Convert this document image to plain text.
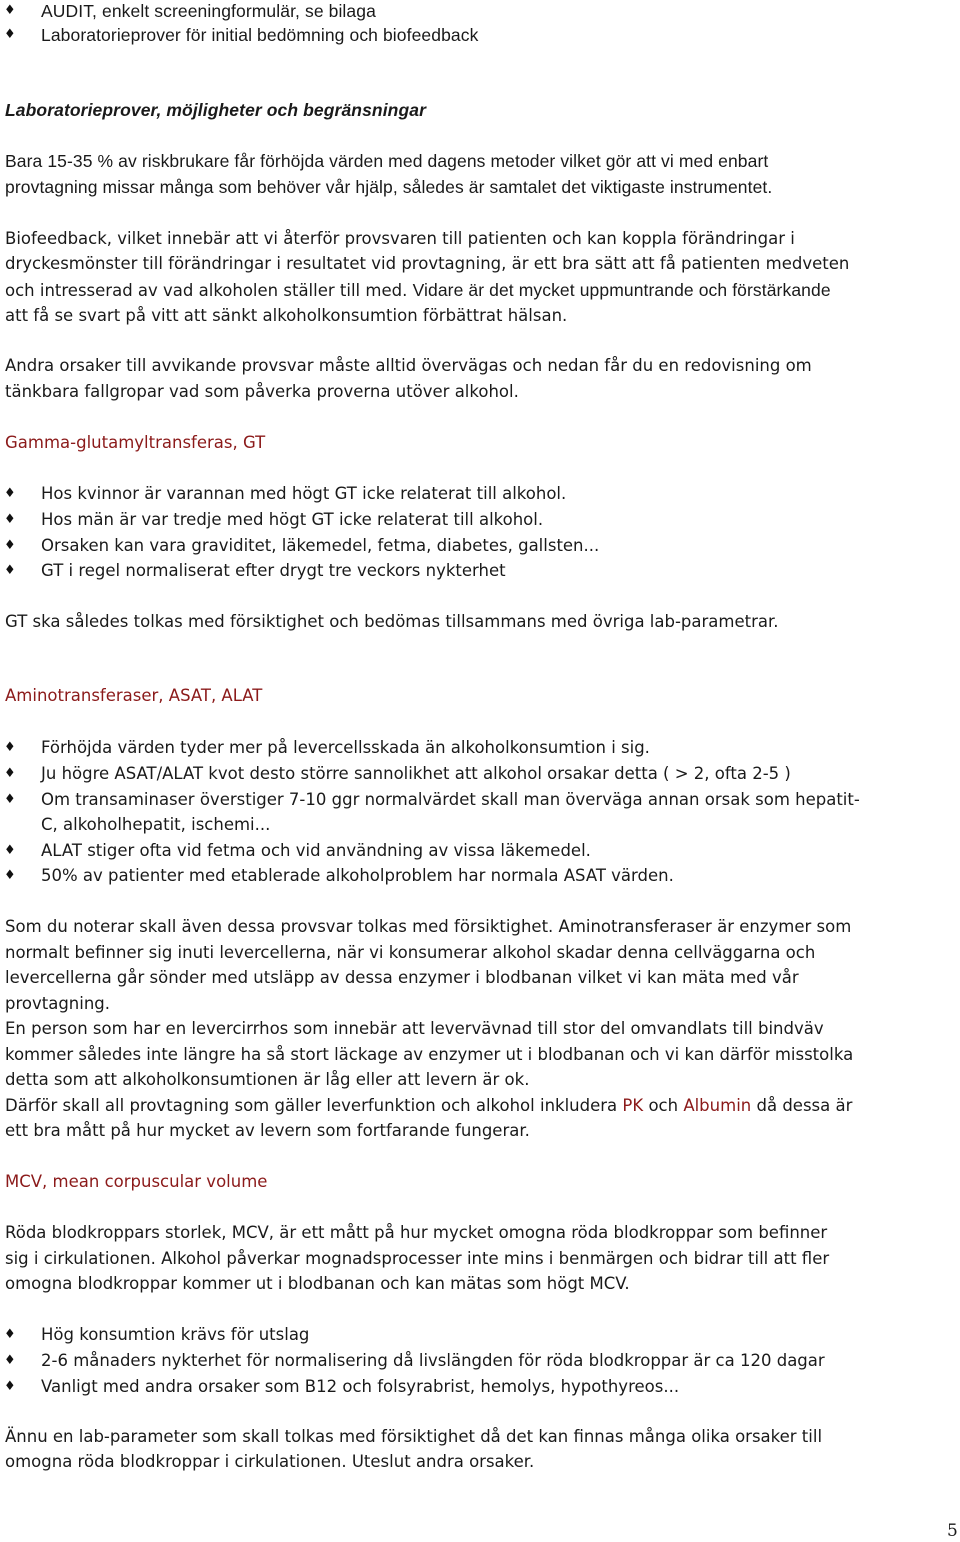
♦ AUDIT, enkelt screeningformulär, se bilaga
♦ Laboratorieprover för initial bedömning och biofeedback
Laboratorieprover, möjligheter och begränsningar
Bara 15-35 % av riskbrukare får förhöjda värden med dagens metoder vilket gör att vi med enbart
provtagning missar många som behöver vår hjälp, således är samtalet det viktigaste instrumentet.
Biofeedback, vilket innebär att vi återför provsvaren till patienten och kan koppla förändringar i
dryckesmönster till förändringar i resultatet vid provtagning, är ett bra sätt att få patienten medveten
och intresserad av vad alkoholen ställer till med. Vidare är det mycket uppmuntrande och förstärkande
att få se svart på vitt att sänkt alkoholkonsumtion förbättrat hälsan.
Andra orsaker till avvikande provsvar måste alltid övervägas och nedan får du en redovisning om
tänkbara fallgropar vad som påverka proverna utöver alkohol.
Gamma-glutamyltransferas, GT
♦ Hos kvinnor är varannan med högt GT icke relaterat till alkohol.
♦ Hos män är var tredje med högt GT icke relaterat till alkohol.
♦ Orsaken kan vara graviditet, läkemedel, fetma, diabetes, gallsten...
♦ GT i regel normaliserat efter drygt tre veckors nykterhet
GT ska således tolkas med försiktighet och bedömas tillsammans med övriga lab-parametrar.
Aminotransferaser, ASAT, ALAT
♦ Förhöjda värden tyder mer på levercellsskada än alkoholkonsumtion i sig.
♦ Ju högre ASAT/ALAT kvot desto större sannolikhet att alkohol orsakar detta ( > 2, ofta 2-5 )
♦ Om transaminaser överstiger 7-10 ggr normalvärdet skall man överväga annan orsak som hepatit-
C, alkoholhepatit, ischemi...
♦ ALAT stiger ofta vid fetma och vid användning av vissa läkemedel.
♦ 50% av patienter med etablerade alkoholproblem har normala ASAT värden.
Som du noterar skall även dessa provsvar tolkas med försiktighet. Aminotransferaser är enzymer som
normalt befinner sig inuti levercellerna, när vi konsumerar alkohol skadar denna cellväggarna och
levercellerna går sönder med utsläpp av dessa enzymer i blodbanan vilket vi kan mäta med vår
provtagning.
En person som har en levercirrhos som innebär att levervävnad till stor del omvandlats till bindväv
kommer således inte längre ha så stort läckage av enzymer ut i blodbanan och vi kan därför misstolka
detta som att alkoholkonsumtionen är låg eller att levern är ok.
Därför skall all provtagning som gäller leverfunktion och alkohol inkludera PK och Albumin då dessa är
ett bra mått på hur mycket av levern som fortfarande fungerar.
MCV, mean corpuscular volume
Röda blodkroppars storlek, MCV, är ett mått på hur mycket omogna röda blodkroppar som befinner
sig i cirkulationen. Alkohol påverkar mognadsprocesser inte mins i benmärgen och bidrar till att fler
omogna blodkroppar kommer ut i blodbanan och kan mätas som högt MCV.
♦ Hög konsumtion krävs för utslag
♦ 2-6 månaders nykterhet för normalisering då livslängden för röda blodkroppar är ca 120 dagar
♦ Vanligt med andra orsaker som B12 och folsyrabrist, hemolys, hypothyreos...
Ännu en lab-parameter som skall tolkas med försiktighet då det kan finnas många olika orsaker till
omogna röda blodkroppar i cirkulationen. Uteslut andra orsaker.
5
